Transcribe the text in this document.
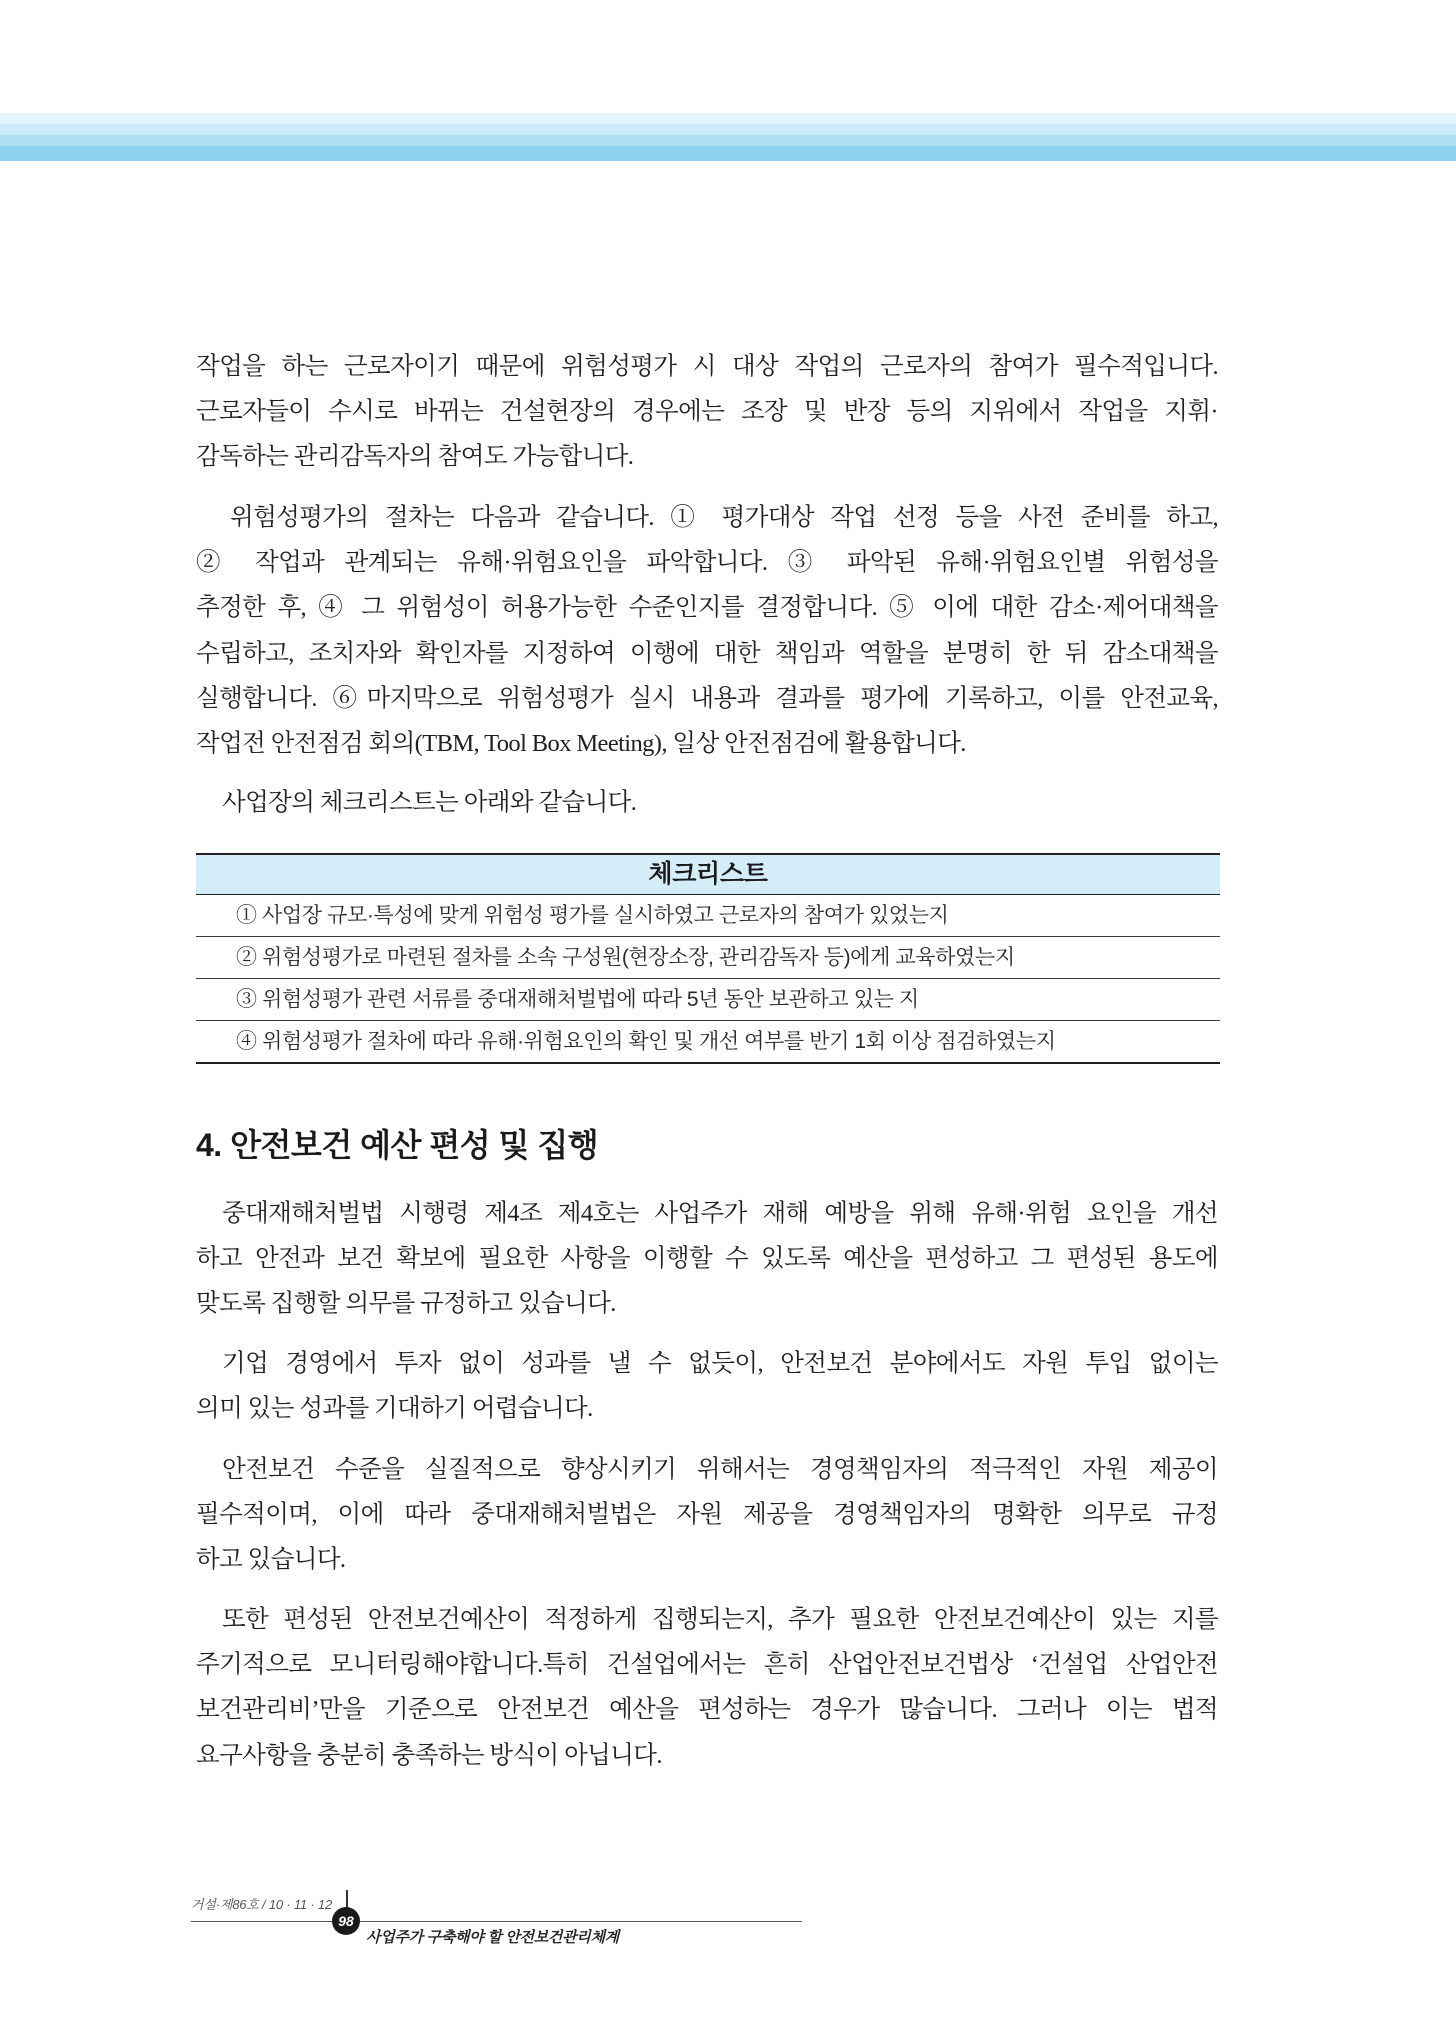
작업을 하는 근로자이기 때문에 위험성평가 시 대상 작업의 근로자의 참여가 필수적입니다.
근로자들이 수시로 바뀌는 건설현장의 경우에는 조장 및 반장 등의 지위에서 작업을 지휘·
감독하는 관리감독자의 참여도 가능합니다.
위험성평가의 절차는 다음과 같습니다. ① 평가대상 작업 선정 등을 사전 준비를 하고,
② 작업과 관계되는 유해·위험요인을 파악합니다. ③ 파악된 유해·위험요인별 위험성을
추정한 후, ④ 그 위험성이 허용가능한 수준인지를 결정합니다. ⑤ 이에 대한 감소·제어대책을
수립하고, 조치자와 확인자를 지정하여 이행에 대한 책임과 역할을 분명히 한 뒤 감소대책을
실행합니다. ⑥마지막으로 위험성평가 실시 내용과 결과를 평가에 기록하고, 이를 안전교육,
작업전 안전점검 회의(TBM, Tool Box Meeting), 일상 안전점검에 활용합니다.
사업장의 체크리스트는 아래와 같습니다.
체크리스트
① 사업장 규모·특성에 맞게 위험성 평가를 실시하였고 근로자의 참여가 있었는지
② 위험성평가로 마련된 절차를 소속 구성원(현장소장, 관리감독자 등)에게 교육하였는지
③ 위험성평가 관련 서류를 중대재해처벌법에 따라 5년 동안 보관하고 있는 지
④ 위험성평가 절차에 따라 유해·위험요인의 확인 및 개선 여부를 반기 1회 이상 점검하였는지
4. 안전보건 예산 편성 및 집행
중대재해처벌법 시행령 제4조 제4호는 사업주가 재해 예방을 위해 유해·위험 요인을 개선
하고 안전과 보건 확보에 필요한 사항을 이행할 수 있도록 예산을 편성하고 그 편성된 용도에
맞도록 집행할 의무를 규정하고 있습니다.
기업 경영에서 투자 없이 성과를 낼 수 없듯이, 안전보건 분야에서도 자원 투입 없이는
의미 있는 성과를 기대하기 어렵습니다.
안전보건 수준을 실질적으로 향상시키기 위해서는 경영책임자의 적극적인 자원 제공이
필수적이며, 이에 따라 중대재해처벌법은 자원 제공을 경영책임자의 명확한 의무로 규정
하고 있습니다.
또한 편성된 안전보건예산이 적정하게 집행되는지, 추가 필요한 안전보건예산이 있는 지를
주기적으로 모니터링해야합니다.특히 건설업에서는 흔히 산업안전보건법상 ‘건설업 산업안전
보건관리비’만을 기준으로 안전보건 예산을 편성하는 경우가 많습니다. 그러나 이는 법적
요구사항을 충분히 충족하는 방식이 아닙니다.
거설·제86호 / 10 · 11 · 12
98
사업주가 구축해야 할 안전보건관리체계
